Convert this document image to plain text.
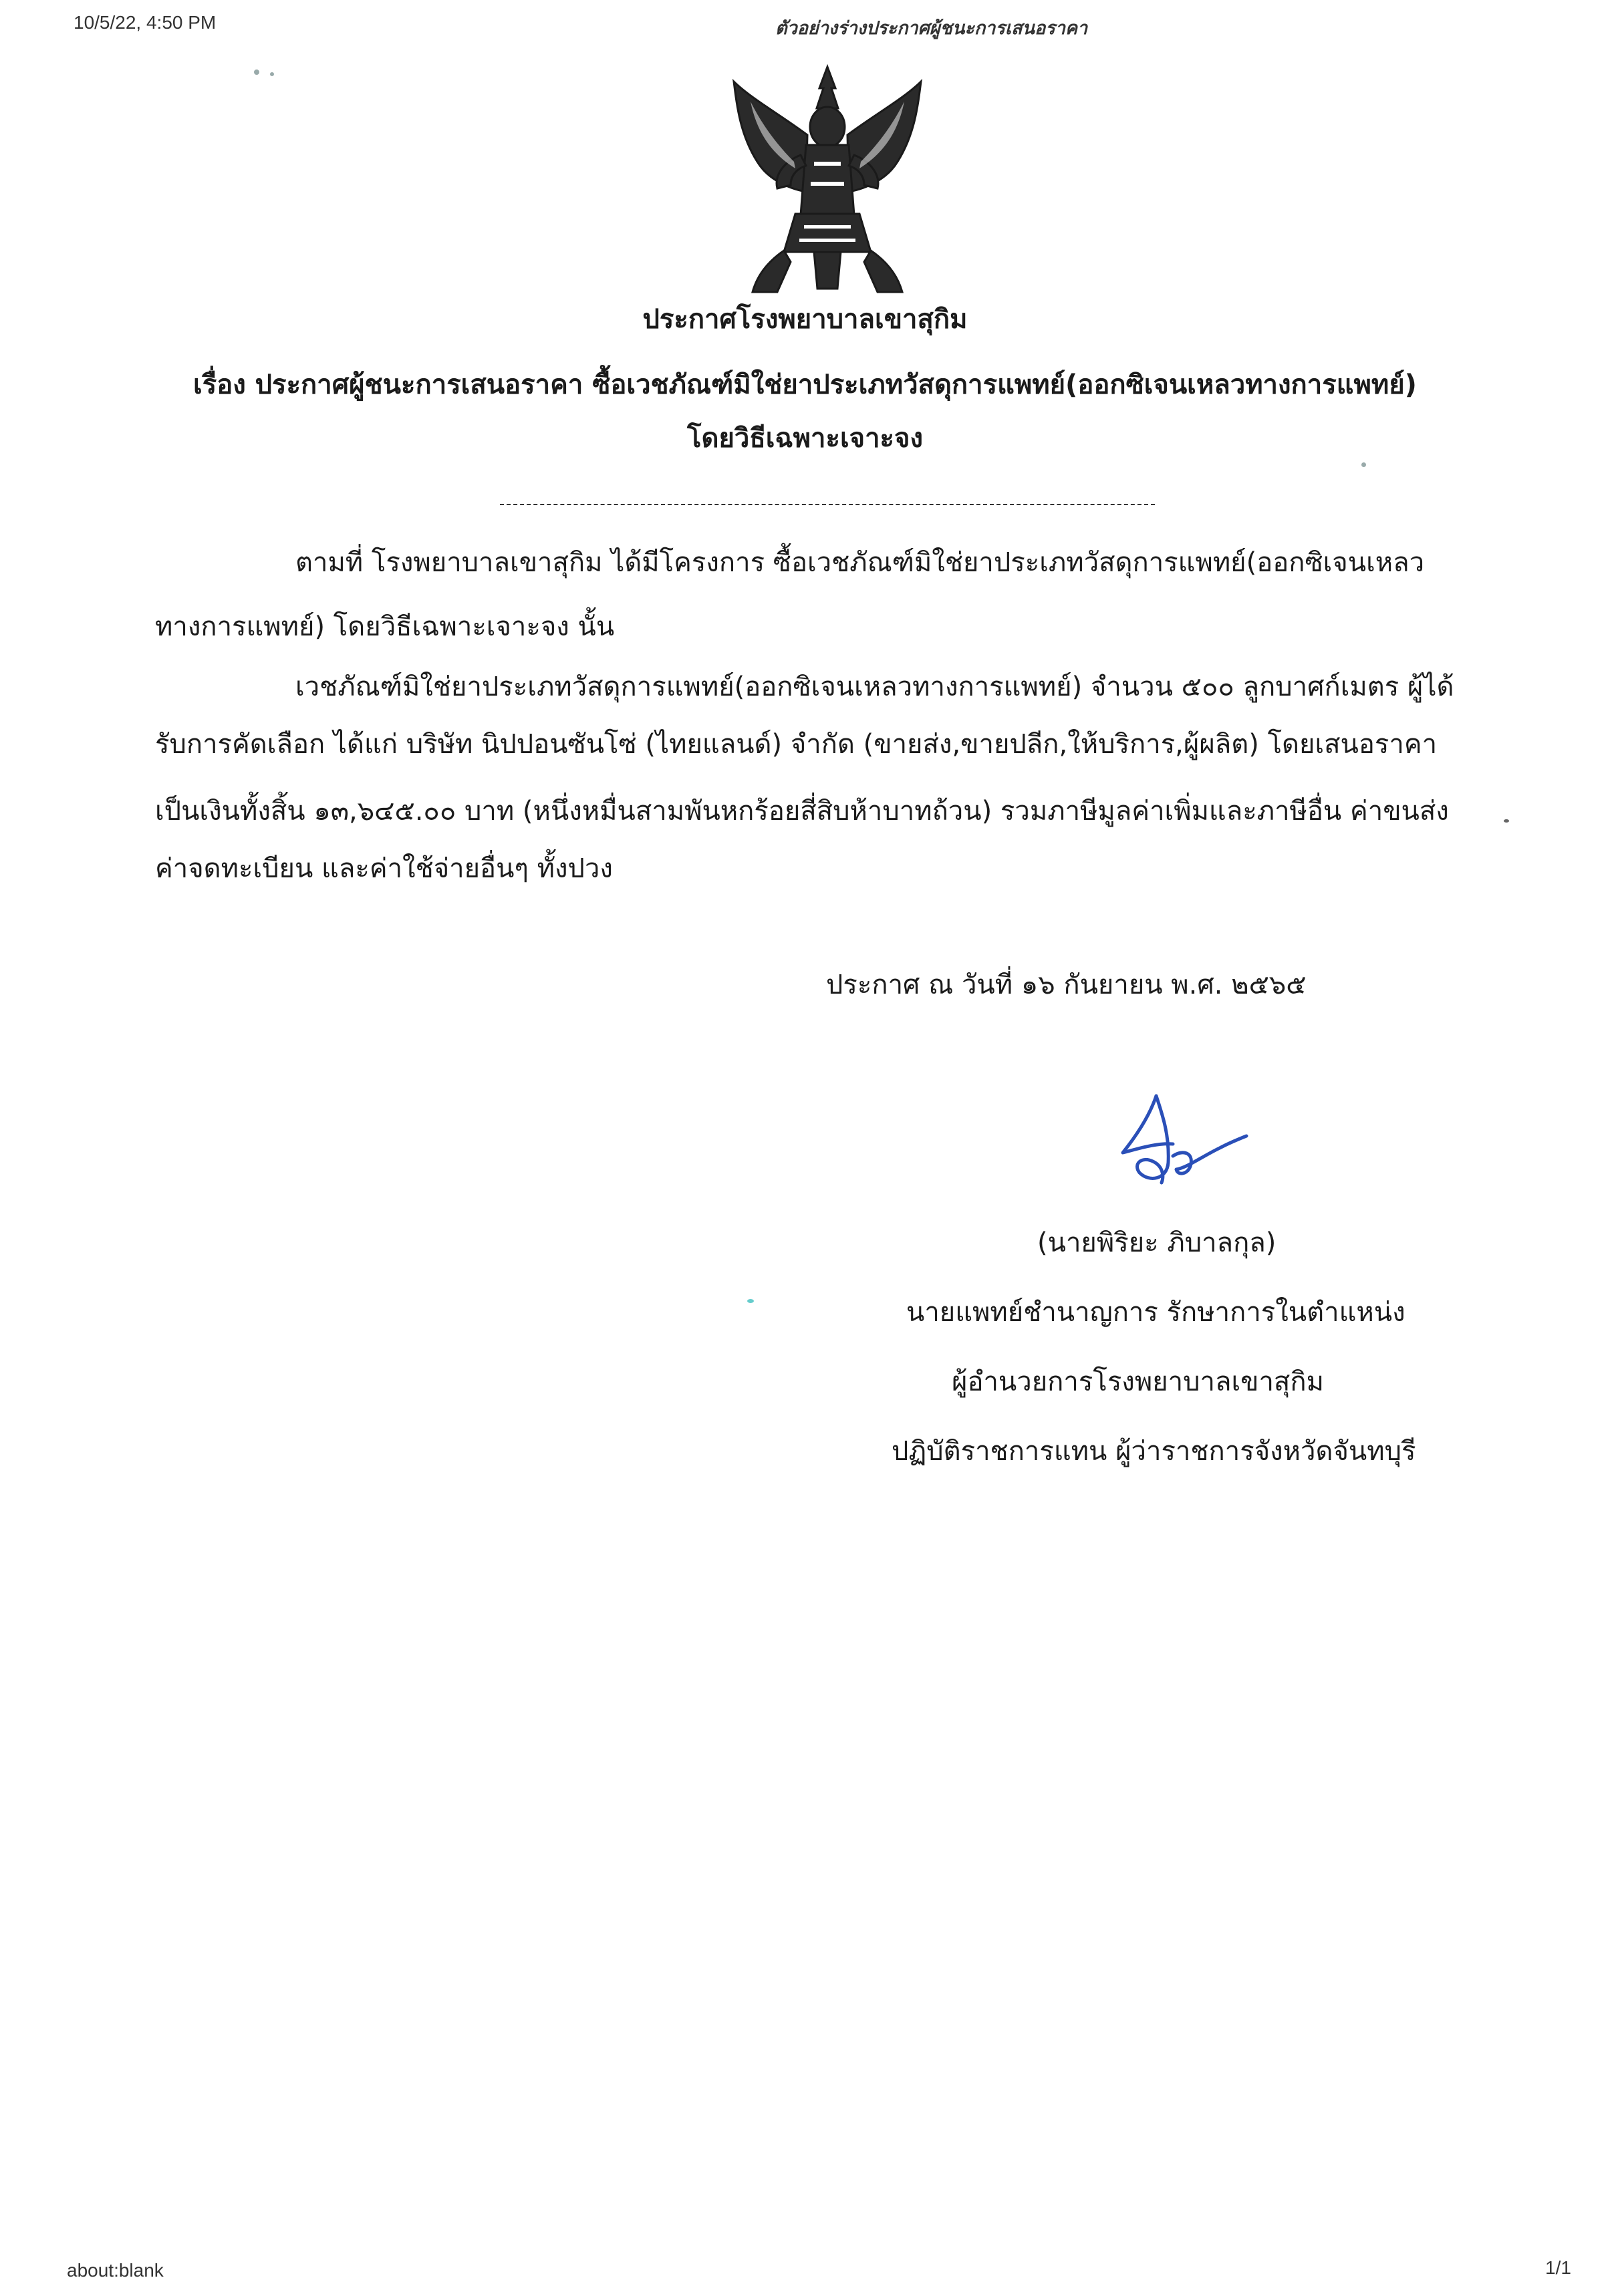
10/5/22, 4:50 PM	ตัวอย่างร่างประกาศผู้ชนะการเสนอราคา
ประกาศโรงพยาบาลเขาสุกิม
เรื่อง ประกาศผู้ชนะการเสนอราคา ซื้อเวชภัณฑ์มิใช่ยาประเภทวัสดุการแพทย์(ออกซิเจนเหลวทางการแพทย์)
โดยวิธีเฉพาะเจาะจง
ตามที่ โรงพยาบาลเขาสุกิม ได้มีโครงการ ซื้อเวชภัณฑ์มิใช่ยาประเภทวัสดุการแพทย์(ออกซิเจนเหลว
ทางการแพทย์) โดยวิธีเฉพาะเจาะจง นั้น
เวชภัณฑ์มิใช่ยาประเภทวัสดุการแพทย์(ออกซิเจนเหลวทางการแพทย์) จำนวน ๕๐๐ ลูกบาศก์เมตร ผู้ได้
รับการคัดเลือก ได้แก่ บริษัท นิปปอนซันโซ่ (ไทยแลนด์) จำกัด (ขายส่ง,ขายปลีก,ให้บริการ,ผู้ผลิต) โดยเสนอราคา
เป็นเงินทั้งสิ้น ๑๓,๖๔๕.๐๐ บาท (หนึ่งหมื่นสามพันหกร้อยสี่สิบห้าบาทถ้วน) รวมภาษีมูลค่าเพิ่มและภาษีอื่น ค่าขนส่ง
ค่าจดทะเบียน และค่าใช้จ่ายอื่นๆ ทั้งปวง
ประกาศ ณ วันที่ ๑๖ กันยายน พ.ศ. ๒๕๖๕
(นายพิริยะ ภิบาลกุล)
นายแพทย์ชำนาญการ รักษาการในตำแหน่ง
ผู้อำนวยการโรงพยาบาลเขาสุกิม
ปฏิบัติราชการแทน ผู้ว่าราชการจังหวัดจันทบุรี
about:blank	1/1
